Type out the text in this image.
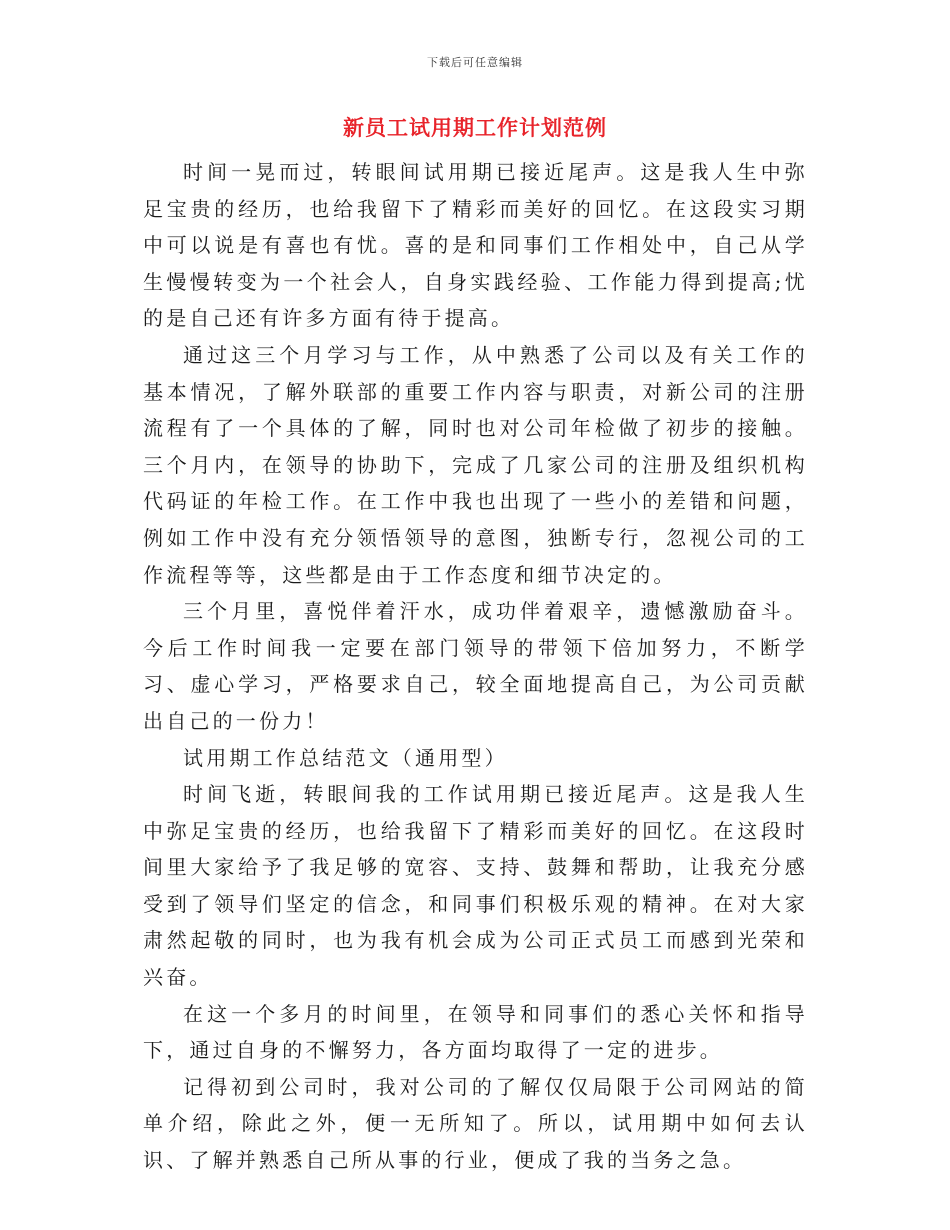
下载后可任意编辑
新员工试用期工作计划范例

时间一晃而过，转眼间试用期已接近尾声。这是我人生中弥足宝贵的经历，也给我留下了精彩而美好的回忆。在这段实习期中可以说是有喜也有忧。喜的是和同事们工作相处中，自己从学生慢慢转变为一个社会人，自身实践经验、工作能力得到提高;忧的是自己还有许多方面有待于提高。

通过这三个月学习与工作，从中熟悉了公司以及有关工作的基本情况，了解外联部的重要工作内容与职责，对新公司的注册流程有了一个具体的了解，同时也对公司年检做了初步的接触。三个月内，在领导的协助下，完成了几家公司的注册及组织机构代码证的年检工作。在工作中我也出现了一些小的差错和问题，例如工作中没有充分领悟领导的意图，独断专行，忽视公司的工作流程等等，这些都是由于工作态度和细节决定的。

三个月里，喜悦伴着汗水，成功伴着艰辛，遗憾激励奋斗。今后工作时间我一定要在部门领导的带领下倍加努力，不断学习、虚心学习，严格要求自己，较全面地提高自己，为公司贡献出自己的一份力！

试用期工作总结范文（通用型）

时间飞逝，转眼间我的工作试用期已接近尾声。这是我人生中弥足宝贵的经历，也给我留下了精彩而美好的回忆。在这段时间里大家给予了我足够的宽容、支持、鼓舞和帮助，让我充分感受到了领导们坚定的信念，和同事们积极乐观的精神。在对大家肃然起敬的同时，也为我有机会成为公司正式员工而感到光荣和兴奋。

在这一个多月的时间里，在领导和同事们的悉心关怀和指导下，通过自身的不懈努力，各方面均取得了一定的进步。

记得初到公司时，我对公司的了解仅仅局限于公司网站的简单介绍，除此之外，便一无所知了。所以，试用期中如何去认识、了解并熟悉自己所从事的行业，便成了我的当务之急。
